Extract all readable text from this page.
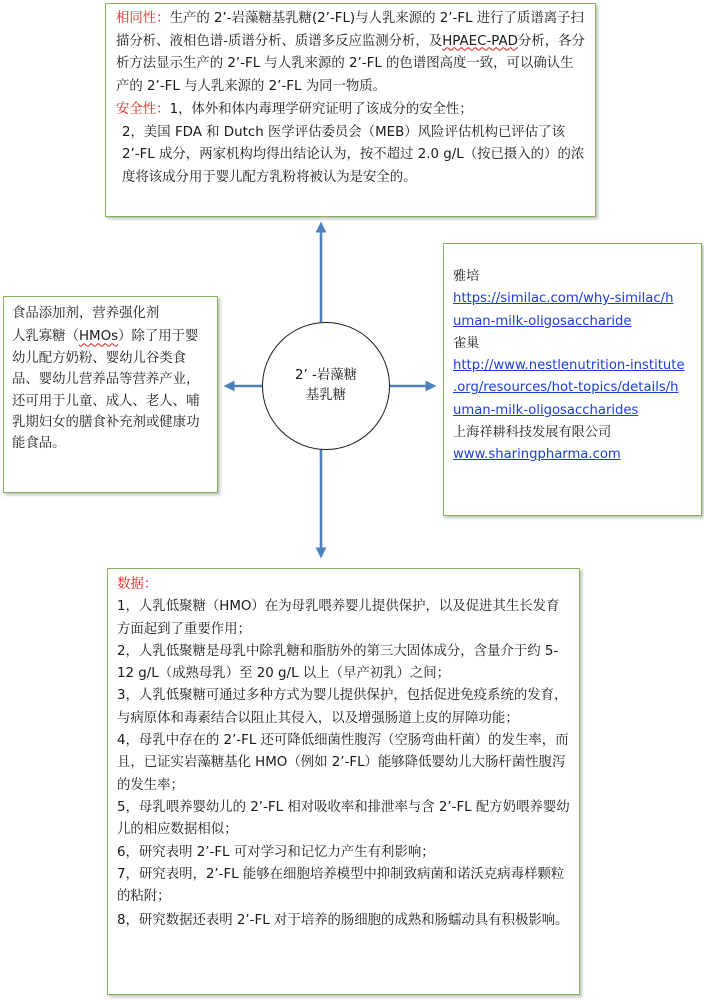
相同性：生产的 2’-岩藻糖基乳糖(2’-FL)与人乳来源的 2’-FL 进行了质谱离子扫描分析、液相色谱-质谱分析、质谱多反应监测分析，及HPAEC-PAD分析，各分析方法显示生产的 2’-FL 与人乳来源的 2’-FL 的色谱图高度一致，可以确认生产的 2’-FL 与人乳来源的 2’-FL 为同一物质。

安全性：1，体外和体内毒理学研究证明了该成分的安全性；

2，美国 FDA 和 Dutch 医学评估委员会（MEB）风险评估机构已评估了该 2’-FL 成分，两家机构均得出结论认为，按不超过 2.0 g/L（按已摄入的）的浓度将该成分用于婴儿配方乳粉将被认为是安全的。

食品添加剂，营养强化剂

人乳寡糖（HMOs）除了用于婴幼儿配方奶粉、婴幼儿谷类食品、婴幼儿营养品等营养产业，还可用于儿童、成人、老人、哺乳期妇女的膳食补充剂或健康功能食品。

2’ -岩藻糖
基乳糖
雅培
https://similac.com/why-similac/h
uman-milk-oligosaccharide
雀巢
http://www.nestlenutrition-institute
.org/resources/hot-topics/details/h
uman-milk-oligosaccharides
上海祥耕科技发展有限公司
www.sharingpharma.com

数据：

1，人乳低聚糖（HMO）在为母乳喂养婴儿提供保护，以及促进其生长发育方面起到了重要作用；

2，人乳低聚糖是母乳中除乳糖和脂肪外的第三大固体成分，含量介于约 5-12 g/L（成熟母乳）至 20 g/L 以上（早产初乳）之间；

3，人乳低聚糖可通过多种方式为婴儿提供保护，包括促进免疫系统的发育，与病原体和毒素结合以阻止其侵入，以及增强肠道上皮的屏障功能；

4，母乳中存在的 2’-FL 还可降低细菌性腹泻（空肠弯曲杆菌）的发生率，而且，已证实岩藻糖基化 HMO（例如 2’-FL）能够降低婴幼儿大肠杆菌性腹泻的发生率；

5，母乳喂养婴幼儿的 2’-FL 相对吸收率和排泄率与含 2’-FL 配方奶喂养婴幼儿的相应数据相似；

6，研究表明 2’-FL 可对学习和记忆力产生有利影响；

7，研究表明，2’-FL 能够在细胞培养模型中抑制致病菌和诺沃克病毒样颗粒的粘附；

8，研究数据还表明 2’-FL 对于培养的肠细胞的成熟和肠蠕动具有积极影响。
